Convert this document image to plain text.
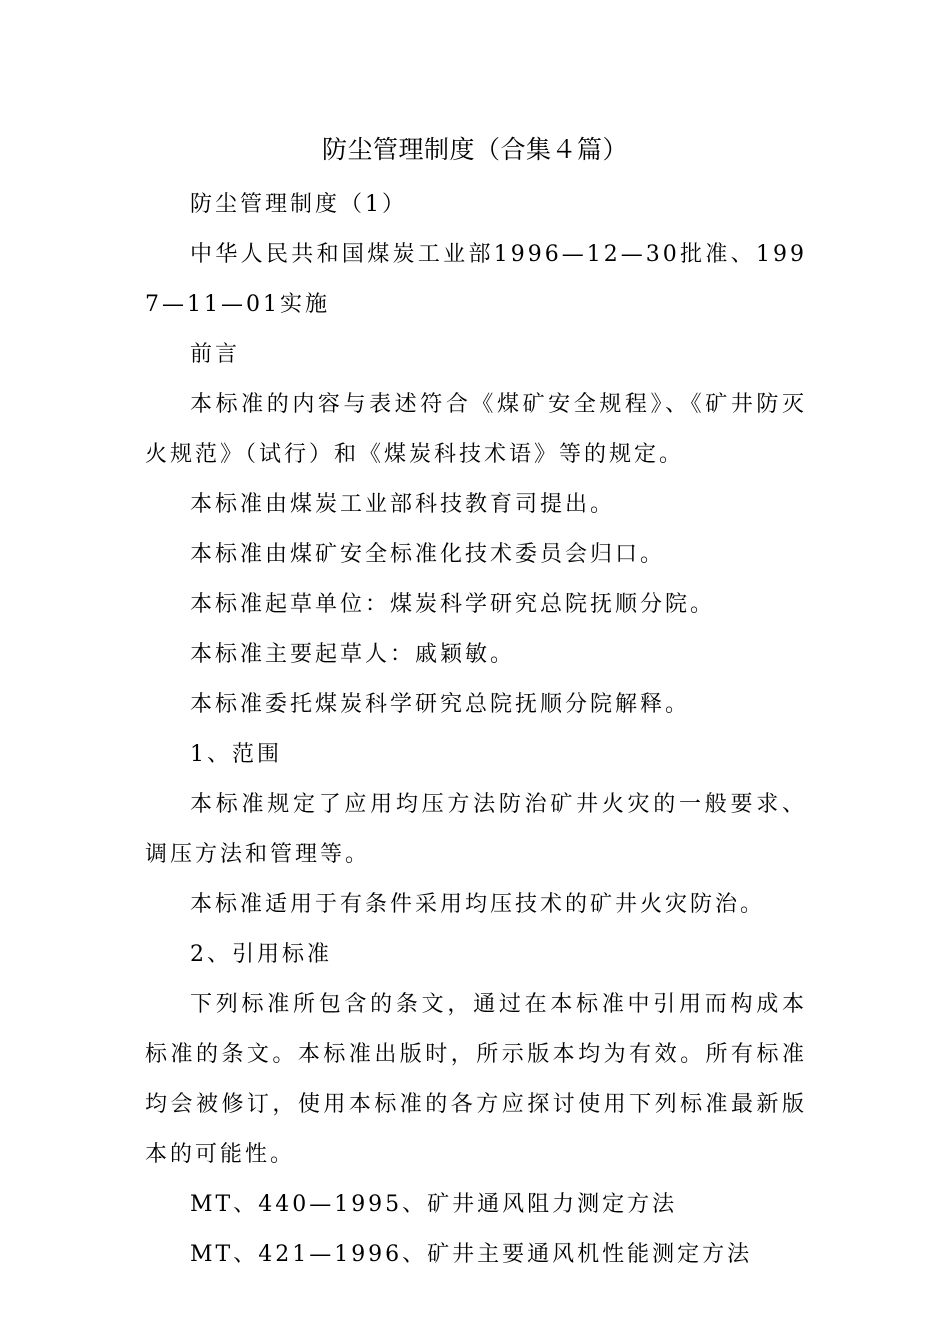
防尘管理制度（合集４篇）

防尘管理制度（1）

中华人民共和国煤炭工业部1996—12—30批准、1997—11—01实施

前言

本标准的内容与表述符合《煤矿安全规程》、《矿井防灭火规范》（试行）和《煤炭科技术语》等的规定。

本标准由煤炭工业部科技教育司提出。

本标准由煤矿安全标准化技术委员会归口。

本标准起草单位：煤炭科学研究总院抚顺分院。

本标准主要起草人：戚颖敏。

本标准委托煤炭科学研究总院抚顺分院解释。

1、范围

本标准规定了应用均压方法防治矿井火灾的一般要求、调压方法和管理等。

本标准适用于有条件采用均压技术的矿井火灾防治。

2、引用标准

下列标准所包含的条文，通过在本标准中引用而构成本标准的条文。本标准出版时，所示版本均为有效。所有标准均会被修订，使用本标准的各方应探讨使用下列标准最新版本的可能性。

MT、440—1995、矿井通风阻力测定方法

MT、421—1996、矿井主要通风机性能测定方法
